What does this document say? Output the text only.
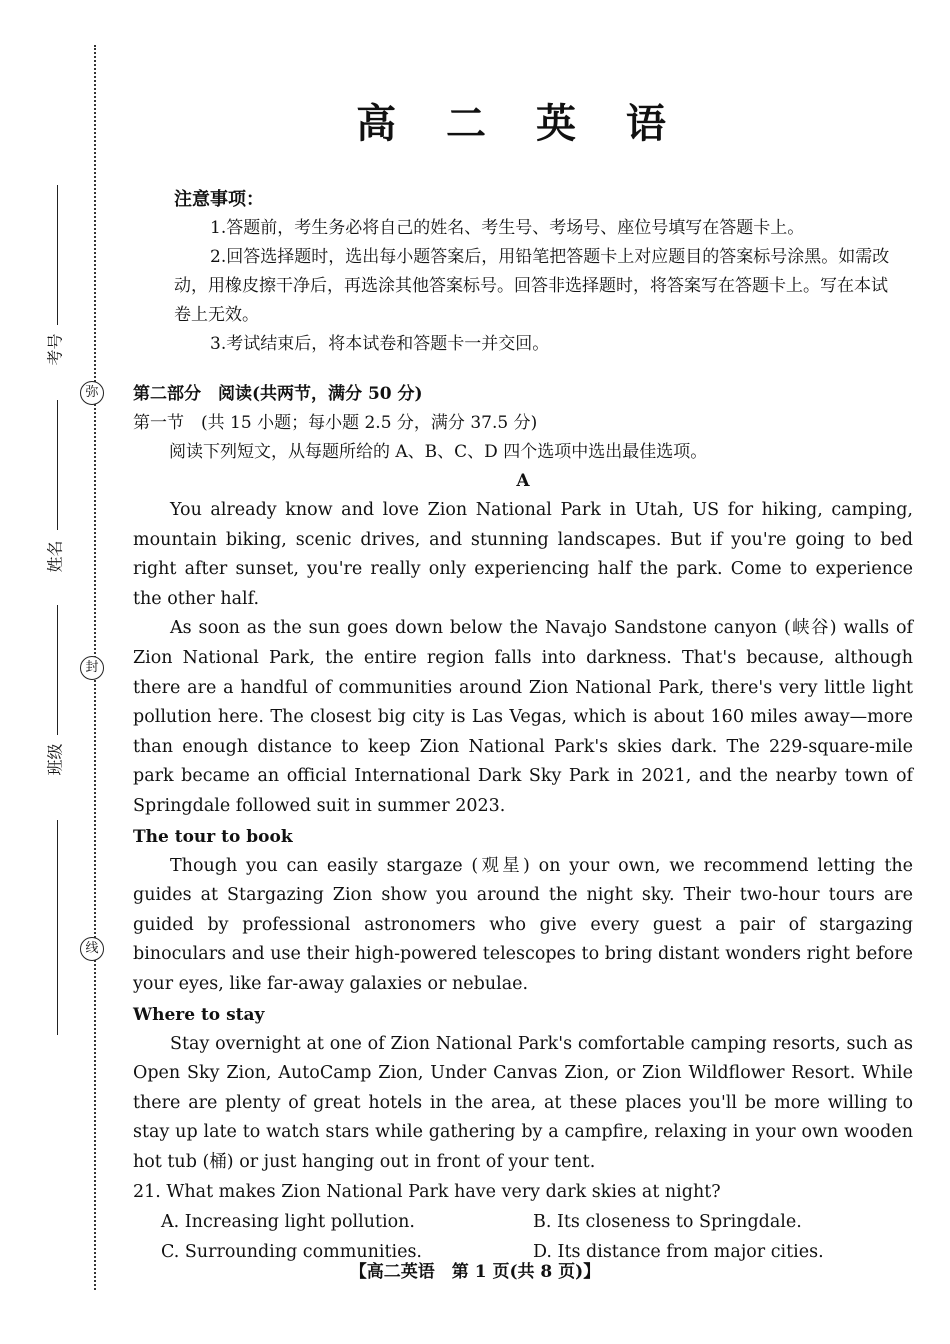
弥
封
线
考号
姓名
班级
高 二 英 语

注意事项：

1.答题前，考生务必将自己的姓名、考生号、考场号、座位号填写在答题卡上。

2.回答选择题时，选出每小题答案后，用铅笔把答题卡上对应题目的答案标号涂黑。如需改动，用橡皮擦干净后，再选涂其他答案标号。回答非选择题时，将答案写在答题卡上。写在本试卷上无效。

3.考试结束后，将本试卷和答题卡一并交回。

第二部分　阅读(共两节，满分 50 分)

第一节　(共 15 小题；每小题 2.5 分，满分 37.5 分)

阅读下列短文，从每题所给的 A、B、C、D 四个选项中选出最佳选项。

A

You already know and love Zion National Park in Utah, US for hiking, camping, mountain biking, scenic drives, and stunning landscapes. But if you're going to bed right after sunset, you're really only experiencing half the park. Come to experience the other half.

As soon as the sun goes down below the Navajo Sandstone canyon (峡谷) walls of Zion National Park, the entire region falls into darkness. That's because, although there are a handful of communities around Zion National Park, there's very little light pollution here. The closest big city is Las Vegas, which is about 160 miles away—more than enough distance to keep Zion National Park's skies dark. The 229-square-mile park became an official International Dark Sky Park in 2021, and the nearby town of Springdale followed suit in summer 2023.

The tour to book

Though you can easily stargaze (观星) on your own, we recommend letting the guides at Stargazing Zion show you around the night sky. Their two-hour tours are guided by professional astronomers who give every guest a pair of stargazing binoculars and use their high-powered telescopes to bring distant wonders right before your eyes, like far-away galaxies or nebulae.

Where to stay

Stay overnight at one of Zion National Park's comfortable camping resorts, such as Open Sky Zion, AutoCamp Zion, Under Canvas Zion, or Zion Wildflower Resort. While there are plenty of great hotels in the area, at these places you'll be more willing to stay up late to watch stars while gathering by a campfire, relaxing in your own wooden hot tub (桶) or just hanging out in front of your tent.

21. What makes Zion National Park have very dark skies at night?

A. Increasing light pollution.	B. Its closeness to Springdale.
C. Surrounding communities.	D. Its distance from major cities.
【高二英语　第 1 页(共 8 页)】
